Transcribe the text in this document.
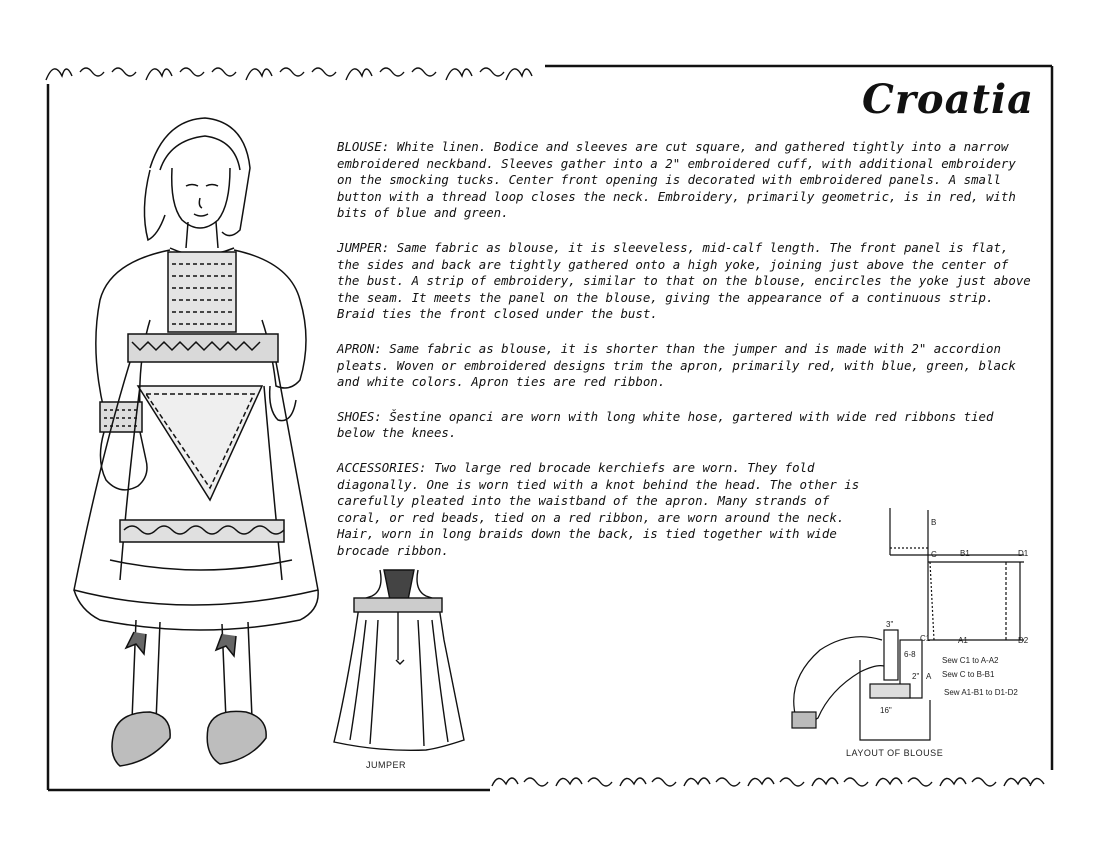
Croatia

BLOUSE: White linen. Bodice and sleeves are cut square, and gathered tightly into a narrow embroidered neckband. Sleeves gather into a 2" embroidered cuff, with additional embroidery on the smocking tucks. Center front opening is decorated with embroidered panels. A small button with a thread loop closes the neck. Embroidery, primarily geometric, is in red, with bits of blue and green.

JUMPER: Same fabric as blouse, it is sleeveless, mid-calf length. The front panel is flat, the sides and back are tightly gathered onto a high yoke, joining just above the center of the bust. A strip of embroidery, similar to that on the blouse, encircles the yoke just above the seam. It meets the panel on the blouse, giving the appearance of a continuous strip. Braid ties the front closed under the bust.

APRON: Same fabric as blouse, it is shorter than the jumper and is made with 2" accordion pleats. Woven or embroidered designs trim the apron, primarily red, with blue, green, black and white colors. Apron ties are red ribbon.

SHOES: Šestine opanci are worn with long white hose, gartered with wide red ribbons tied below the knees.

ACCESSORIES: Two large red brocade kerchiefs are worn. They fold diagonally. One is worn tied with a knot behind the head. The other is carefully pleated into the waistband of the apron. Many strands of coral, or red beads, tied on a red ribbon, are worn around the neck. Hair, worn in long braids down the back, is tied together with wide brocade ribbon.

JUMPER
LAYOUT OF BLOUSE
B
C	B1	D1
C1	A1	D2
A
3"
6-8
2"
16"
Sew C1 to A-A2
Sew C to B-B1
Sew A1-B1 to D1-D2
